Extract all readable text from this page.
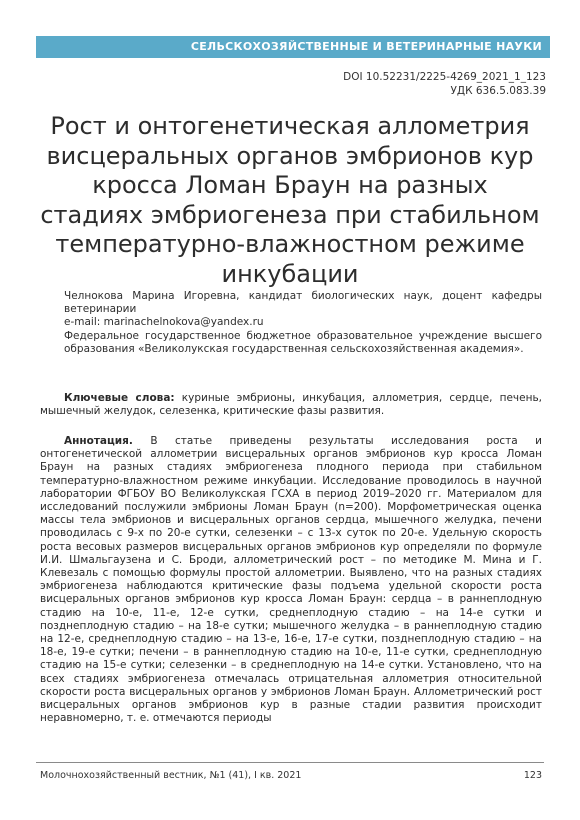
СЕЛЬСКОХОЗЯЙСТВЕННЫЕ И ВЕТЕРИНАРНЫЕ НАУКИ
DOI 10.52231/2225-4269_2021_1_123
УДК 636.5.083.39
Рост и онтогенетическая аллометрия висцеральных органов эмбрионов кур кросса Ломан Браун на разных стадиях эмбриогенеза при стабильном температурно-влажностном режиме инкубации
Челнокова Марина Игоревна, кандидат биологических наук, доцент кафедры ветеринарии
e-mail: marinachelnokova@yandex.ru
Федеральное государственное бюджетное образовательное учреждение высшего образования «Великолукская государственная сельскохозяйственная академия».
Ключевые слова: куриные эмбрионы, инкубация, аллометрия, сердце, печень, мышечный желудок, селезенка, критические фазы развития.
Аннотация. В статье приведены результаты исследования роста и онтогенетической аллометрии висцеральных органов эмбрионов кур кросса Ломан Браун на разных стадиях эмбриогенеза плодного периода при стабильном температурно-влажностном режиме инкубации. Исследование проводилось в научной лаборатории ФГБОУ ВО Великолукская ГСХА в период 2019–2020 гг. Материалом для исследований послужили эмбрионы Ломан Браун (n=200). Морфометрическая оценка массы тела эмбрионов и висцеральных органов сердца, мышечного желудка, печени проводилась с 9-х по 20-е сутки, селезенки – с 13-х суток по 20-е. Удельную скорость роста весовых размеров висцеральных органов эмбрионов кур определяли по формуле И.И. Шмальгаузена и С. Броди, аллометрический рост – по методике М. Мина и Г. Клевезаль с помощью формулы простой аллометрии. Выявлено, что на разных стадиях эмбриогенеза наблюдаются критические фазы подъема удельной скорости роста висцеральных органов эмбрионов кур кросса Ломан Браун: сердца – в раннеплодную стадию на 10-е, 11-е, 12-е сутки, среднеплодную стадию – на 14-е сутки и позднеплодную стадию – на 18-е сутки; мышечного желудка – в раннеплодную стадию на 12-е, среднеплодную стадию – на 13-е, 16-е, 17-е сутки, позднеплодную стадию – на 18-е, 19-е сутки; печени – в раннеплодную стадию на 10-е, 11-е сутки, среднеплодную стадию на 15-е сутки; селезенки – в среднеплодную на 14-е сутки. Установлено, что на всех стадиях эмбриогенеза отмечалась отрицательная аллометрия относительной скорости роста висцеральных органов у эмбрионов Ломан Браун. Аллометрический рост висцеральных органов эмбрионов кур в разные стадии развития происходит неравномерно, т. е. отмечаются периоды
Молочнохозяйственный вестник, №1 (41), I кв. 2021	123
